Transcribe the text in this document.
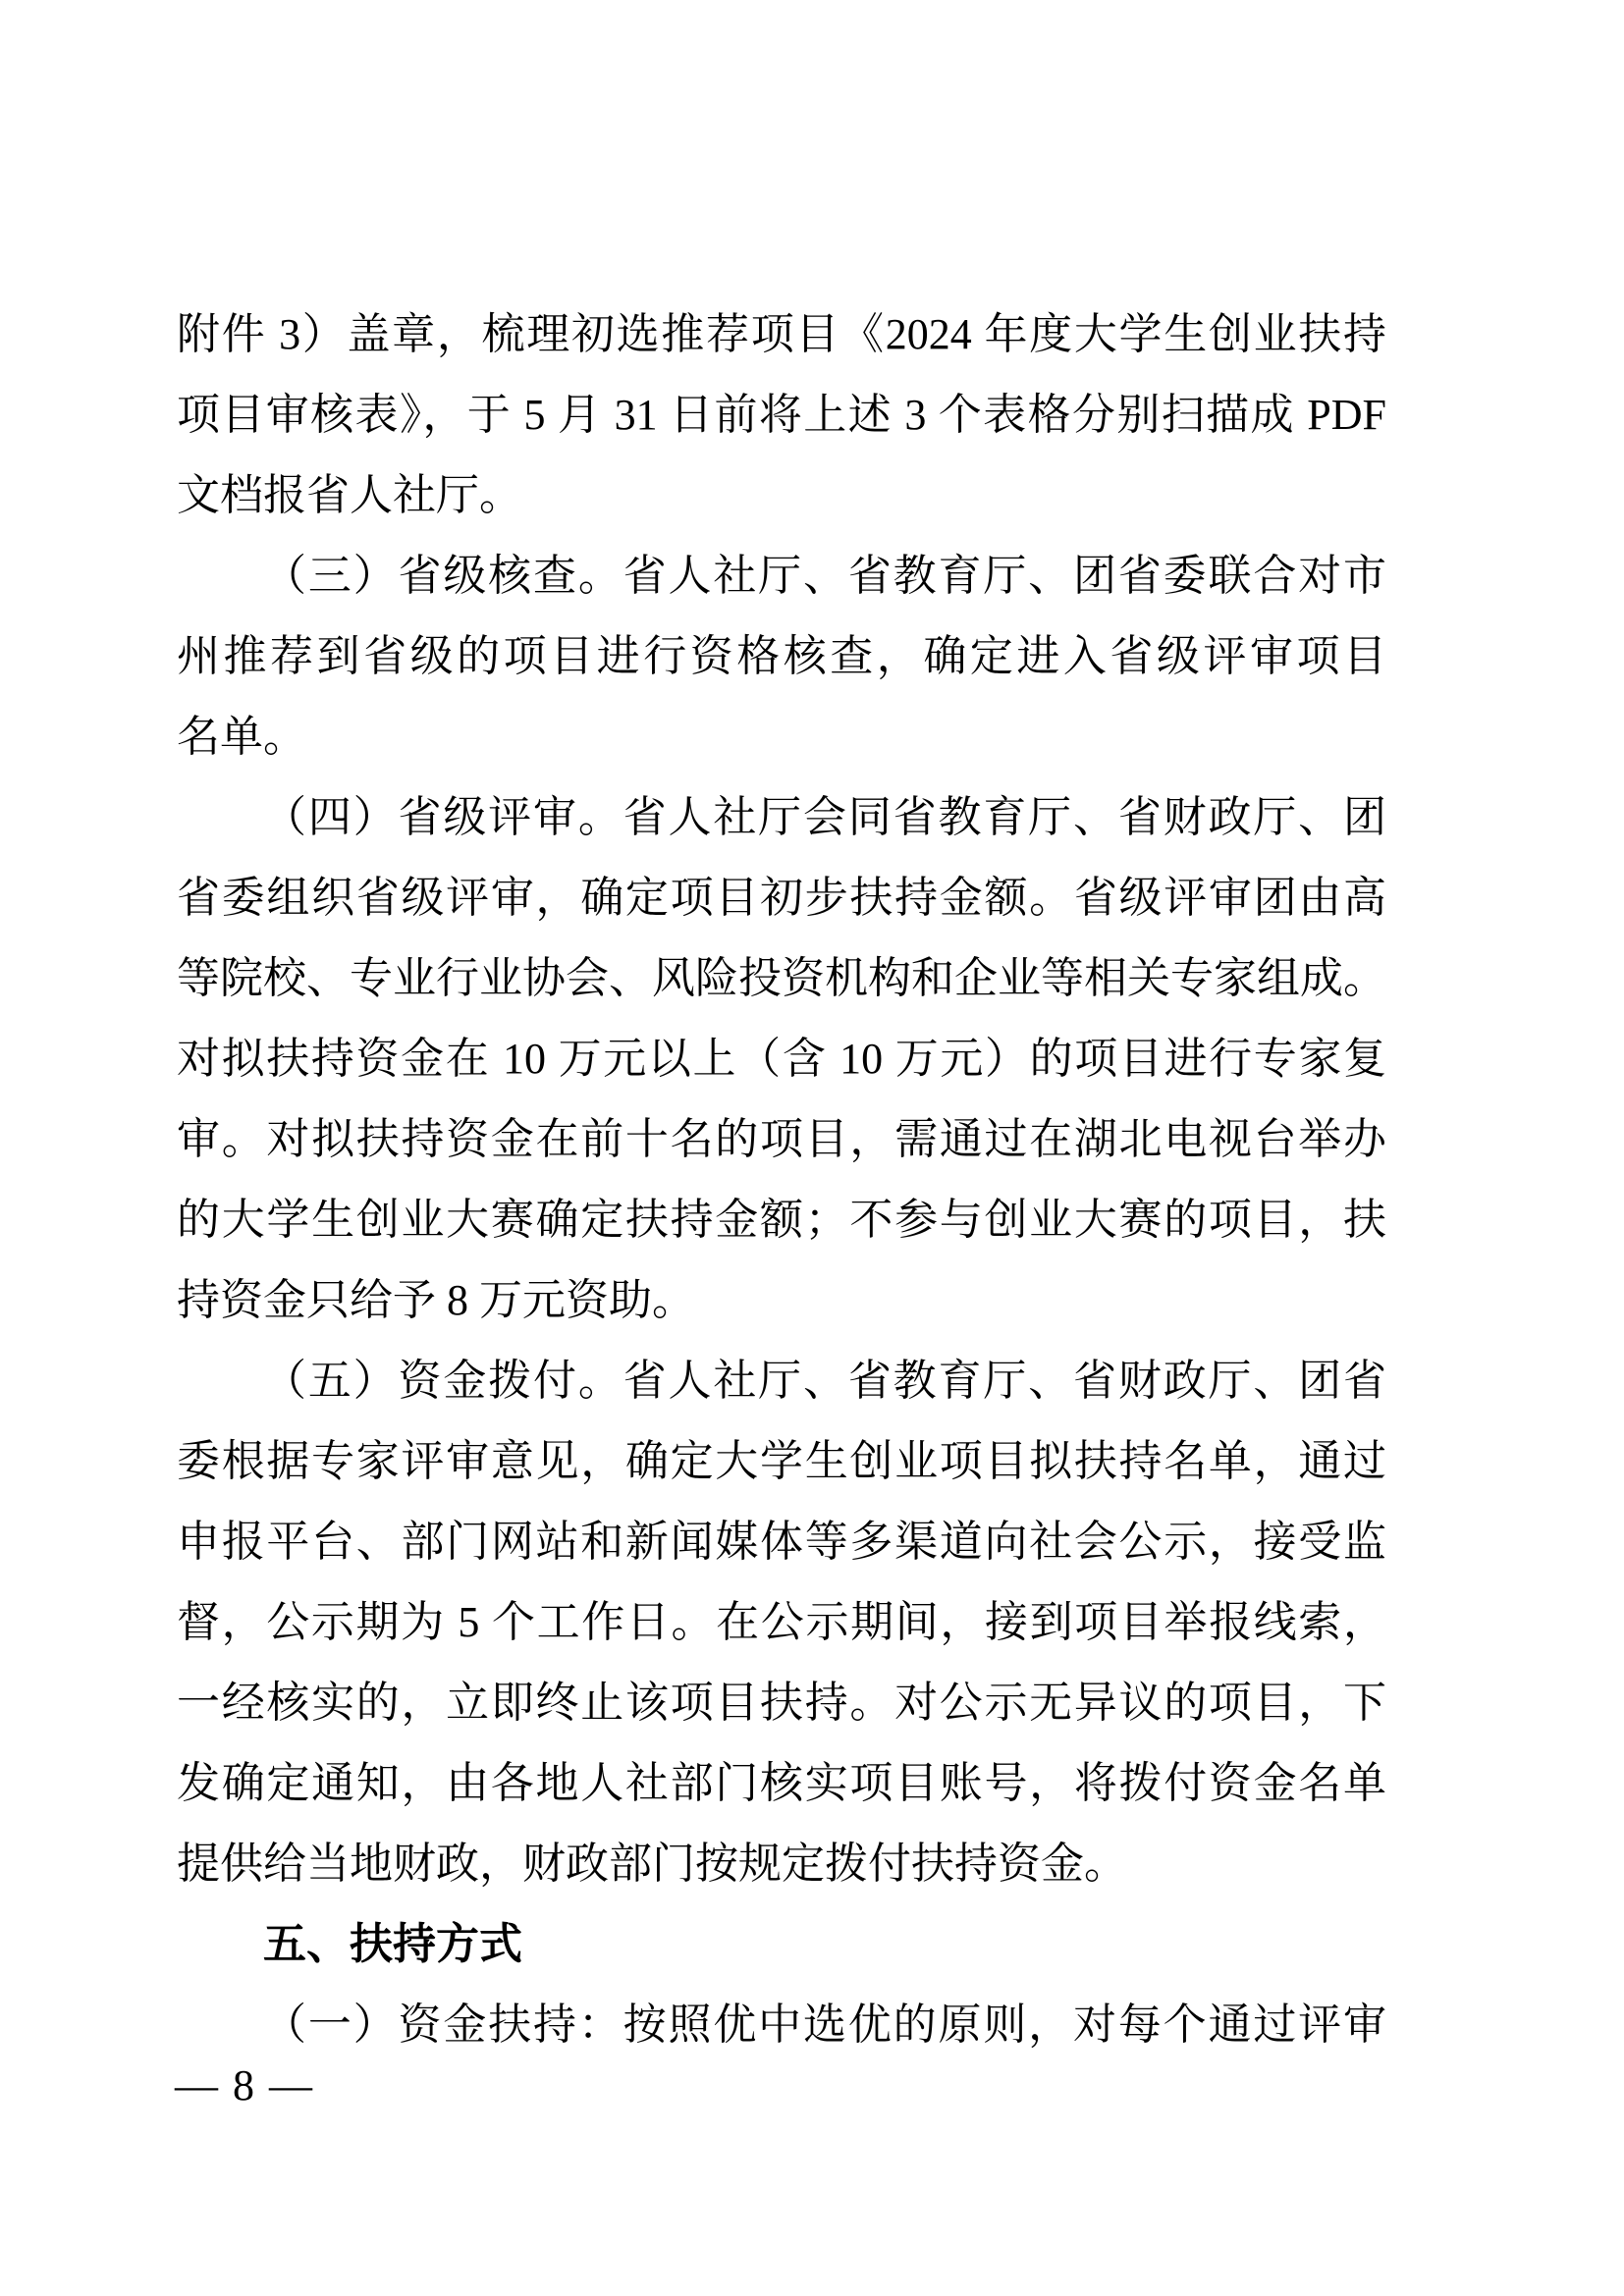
附件 3）盖章，梳理初选推荐项目《2024 年度大学生创业扶持
项目审核表》，于 5 月 31 日前将上述 3 个表格分别扫描成 PDF
文档报省人社厅。
（三）省级核查。省人社厅、省教育厅、团省委联合对市
州推荐到省级的项目进行资格核查，确定进入省级评审项目
名单。
（四）省级评审。省人社厅会同省教育厅、省财政厅、团
省委组织省级评审，确定项目初步扶持金额。省级评审团由高
等院校、专业行业协会、风险投资机构和企业等相关专家组成。
对拟扶持资金在 10 万元以上（含 10 万元）的项目进行专家复
审。对拟扶持资金在前十名的项目，需通过在湖北电视台举办
的大学生创业大赛确定扶持金额；不参与创业大赛的项目，扶
持资金只给予 8 万元资助。
（五）资金拨付。省人社厅、省教育厅、省财政厅、团省
委根据专家评审意见，确定大学生创业项目拟扶持名单，通过
申报平台、部门网站和新闻媒体等多渠道向社会公示，接受监
督，公示期为 5 个工作日。在公示期间，接到项目举报线索，
一经核实的，立即终止该项目扶持。对公示无异议的项目，下
发确定通知，由各地人社部门核实项目账号，将拨付资金名单
提供给当地财政，财政部门按规定拨付扶持资金。
五、扶持方式
（一）资金扶持：按照优中选优的原则，对每个通过评审
— 8 —
